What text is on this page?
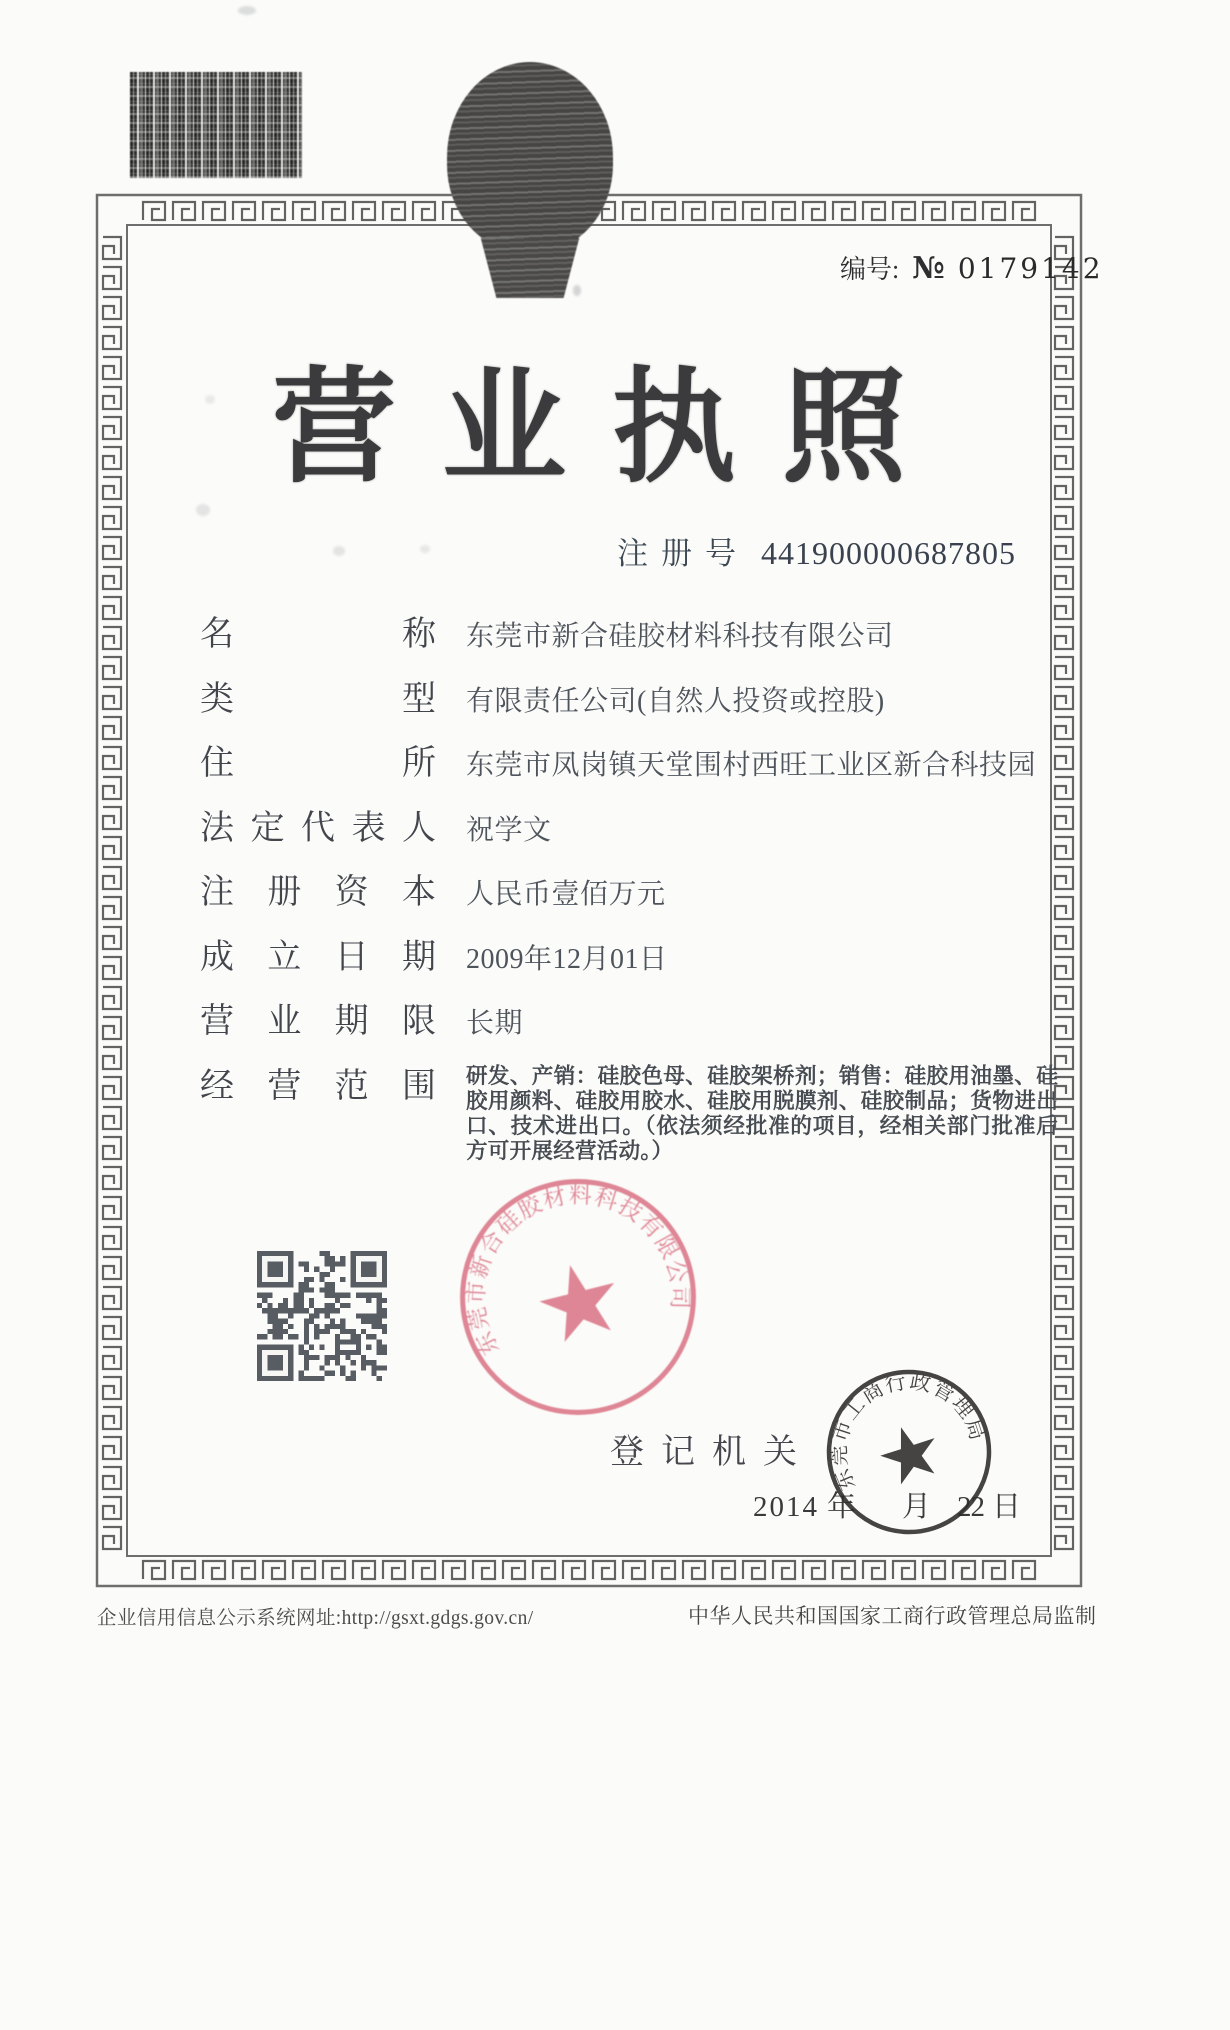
编号: № 0179142
营业执照
注册号 441900000687805
名称 东莞市新合硅胶材料科技有限公司
类型 有限责任公司(自然人投资或控股)
住所 东莞市凤岗镇天堂围村西旺工业区新合科技园
法定代表人 祝学文
注册资本 人民币壹佰万元
成立日期 2009年12月01日
营业期限 长期
经营范围 研发、产销：硅胶色母、硅胶架桥剂；销售：硅胶用油墨、硅胶用颜料、硅胶用胶水、硅胶用脱膜剂、硅胶制品；货物进出口、技术进出口。（依法须经批准的项目，经相关部门批准后方可开展经营活动。）

东莞市新合硅胶材料科技有限公司
登记机关
2014 年 月 22 日
东莞市工商行政管理局
企业信用信息公示系统网址:http://gsxt.gdgs.gov.cn/	中华人民共和国国家工商行政管理总局监制
